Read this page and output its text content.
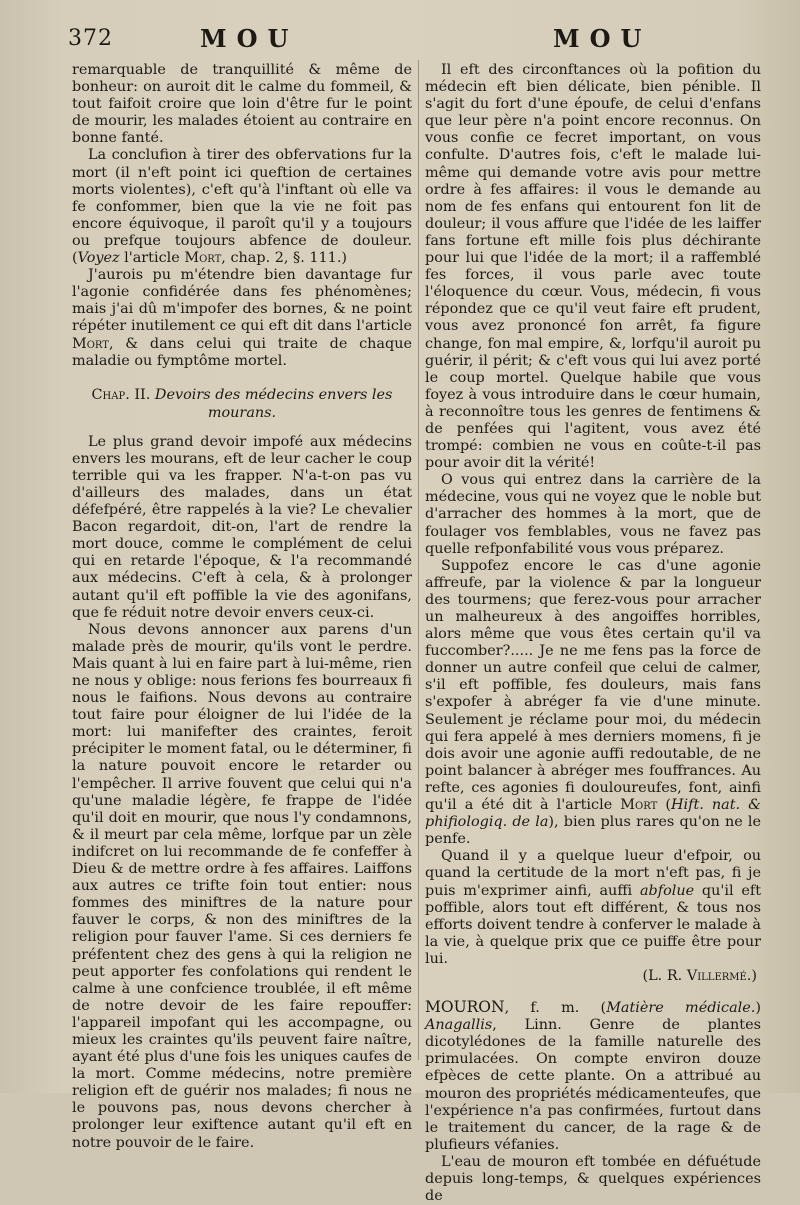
372	MOU	MOU

remarquable de tranquillité & même de bonheur: on auroit dit le calme du fommeil, & tout faifoit croire que loin d'être fur le point de mourir, les malades étoient au contraire en bonne fanté.

La conclufion à tirer des obfervations fur la mort (il n'eft point ici queftion de certaines morts violentes), c'eft qu'à l'inftant où elle va fe confommer, bien que la vie ne foit pas encore équivoque, il paroît qu'il y a toujours ou prefque toujours abfence de douleur. (Voyez l'article Mort, chap. 2, §. 111.)

J'aurois pu m'étendre bien davantage fur l'agonie confidérée dans fes phénomènes; mais j'ai dû m'impofer des bornes, & ne point répéter inutilement ce qui eft dit dans l'article Mort, & dans celui qui traite de chaque maladie ou fymptôme mortel.

Chap. II. Devoirs des médecins envers les mourans.

Le plus grand devoir impofé aux médecins envers les mourans, eft de leur cacher le coup terrible qui va les frapper. N'a-t-on pas vu d'ailleurs des malades, dans un état défefpéré, être rappelés à la vie? Le chevalier Bacon regardoit, dit-on, l'art de rendre la mort douce, comme le complément de celui qui en retarde l'époque, & l'a recommandé aux médecins. C'eft à cela, & à prolonger autant qu'il eft poffible la vie des agonifans, que fe réduit notre devoir envers ceux-ci.

Nous devons annoncer aux parens d'un malade près de mourir, qu'ils vont le perdre. Mais quant à lui en faire part à lui-même, rien ne nous y oblige: nous ferions fes bourreaux fi nous le faifions. Nous devons au contraire tout faire pour éloigner de lui l'idée de la mort: lui manifefter des craintes, feroit précipiter le moment fatal, ou le déterminer, fi la nature pouvoit encore le retarder ou l'empêcher. Il arrive fouvent que celui qui n'a qu'une maladie légère, fe frappe de l'idée qu'il doit en mourir, que nous l'y condamnons, & il meurt par cela même, lorfque par un zèle indifcret on lui recommande de fe confeffer à Dieu & de mettre ordre à fes affaires. Laiffons aux autres ce trifte foin tout entier: nous fommes des miniftres de la nature pour fauver le corps, & non des miniftres de la religion pour fauver l'ame. Si ces derniers fe préfentent chez des gens à qui la religion ne peut apporter fes confolations qui rendent le calme à une confcience troublée, il eft même de notre devoir de les faire repouffer: l'appareil impofant qui les accompagne, ou mieux les craintes qu'ils peuvent faire naître, ayant été plus d'une fois les uniques caufes de la mort. Comme médecins, notre première religion eft de guérir nos malades; fi nous ne le pouvons pas, nous devons chercher à prolonger leur exiftence autant qu'il eft en notre pouvoir de le faire.

Il eft des circonftances où la pofition du médecin eft bien délicate, bien pénible. Il s'agit du fort d'une époufe, de celui d'enfans que leur père n'a point encore reconnus. On vous confie ce fecret important, on vous confulte. D'autres fois, c'eft le malade lui-même qui demande votre avis pour mettre ordre à fes affaires: il vous le demande au nom de fes enfans qui entourent fon lit de douleur; il vous affure que l'idée de les laiffer fans fortune eft mille fois plus déchirante pour lui que l'idée de la mort; il a raffemblé fes forces, il vous parle avec toute l'éloquence du cœur. Vous, médecin, fi vous répondez que ce qu'il veut faire eft prudent, vous avez prononcé fon arrêt, fa figure change, fon mal empire, &, lorfqu'il auroit pu guérir, il périt; & c'eft vous qui lui avez porté le coup mortel. Quelque habile que vous foyez à vous introduire dans le cœur humain, à reconnoître tous les genres de fentimens & de penfées qui l'agitent, vous avez été trompé: combien ne vous en coûte-t-il pas pour avoir dit la vérité!

O vous qui entrez dans la carrière de la médecine, vous qui ne voyez que le noble but d'arracher des hommes à la mort, que de foulager vos femblables, vous ne favez pas quelle refponfabilité vous vous préparez.

Suppofez encore le cas d'une agonie affreufe, par la violence & par la longueur des tourmens; que ferez-vous pour arracher un malheureux à des angoiffes horribles, alors même que vous êtes certain qu'il va fuccomber?..... Je ne me fens pas la force de donner un autre confeil que celui de calmer, s'il eft poffible, fes douleurs, mais fans s'expofer à abréger fa vie d'une minute. Seulement je réclame pour moi, du médecin qui fera appelé à mes derniers momens, fi je dois avoir une agonie auffi redoutable, de ne point balancer à abréger mes fouffrances. Au refte, ces agonies fi douloureufes, font, ainfi qu'il a été dit à l'article Mort (Hift. nat. & phifiologiq. de la), bien plus rares qu'on ne le penfe.

Quand il y a quelque lueur d'efpoir, ou quand la certitude de la mort n'eft pas, fi je puis m'exprimer ainfi, auffi abfolue qu'il eft poffible, alors tout eft différent, & tous nos efforts doivent tendre à conferver le malade à la vie, à quelque prix que ce puiffe être pour lui.

(L. R. Villermé.)

MOURON, f. m. (Matière médicale.) Anagallis, Linn. Genre de plantes dicotylédones de la famille naturelle des primulacées. On compte environ douze efpèces de cette plante. On a attribué au mouron des propriétés médicamenteufes, que l'expérience n'a pas confirmées, furtout dans le traitement du cancer, de la rage & de plufieurs véfanies.

L'eau de mouron eft tombée en défuétude depuis long-temps, & quelques expériences de
